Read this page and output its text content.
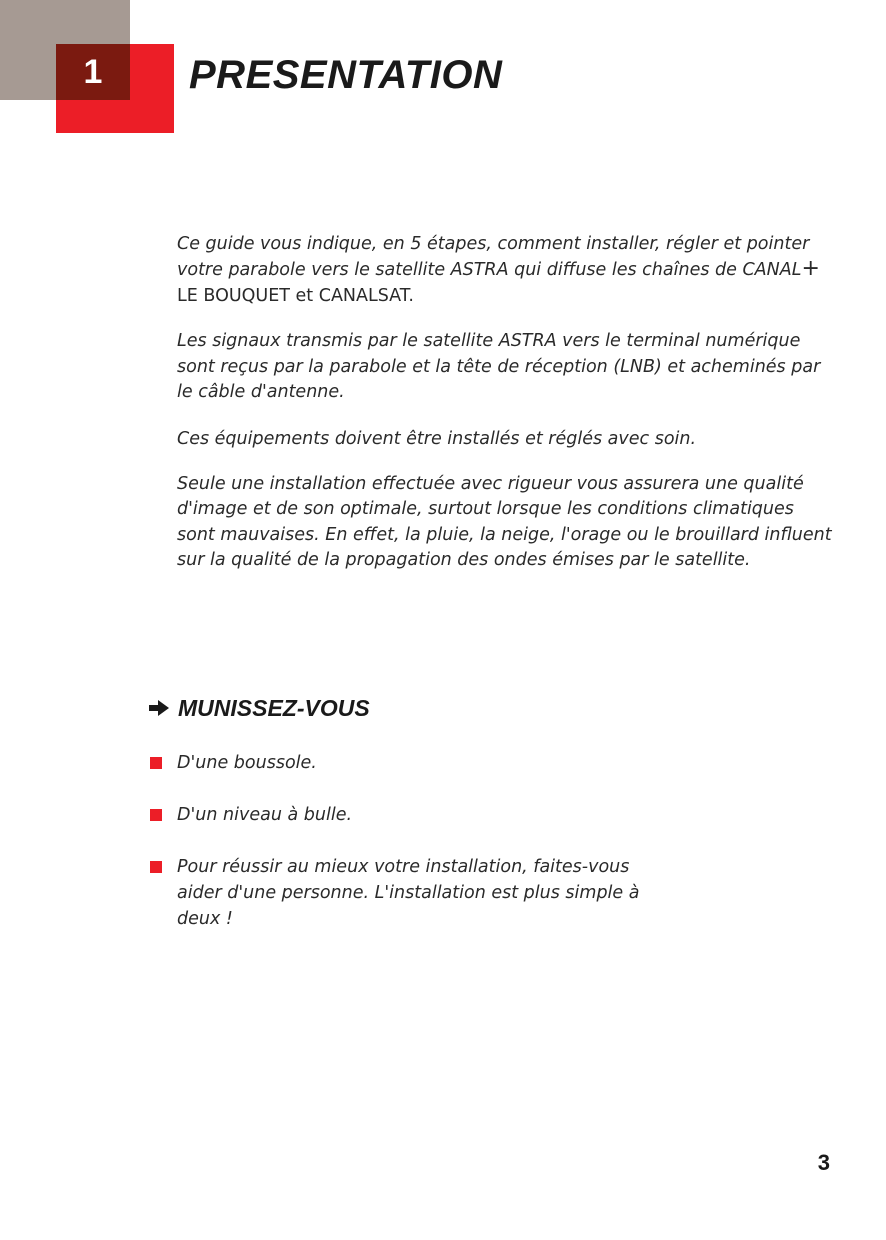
1	PRESENTATION

Ce guide vous indique, en 5 étapes, comment installer, régler et pointer votre parabole vers le satellite ASTRA qui diffuse les chaînes de CANAL+
LE BOUQUET et CANALSAT.

Les signaux transmis par le satellite ASTRA vers le terminal numérique sont reçus par la parabole et la tête de réception (LNB) et acheminés par le câble d'antenne.

Ces équipements doivent être installés et réglés avec soin.

Seule une installation effectuée avec rigueur vous assurera une qualité d'image et de son optimale, surtout lorsque les conditions climatiques sont mauvaises. En effet, la pluie, la neige, l'orage ou le brouillard influent sur la qualité de la propagation des ondes émises par le satellite.

MUNISSEZ-VOUS
D'une boussole.
D'un niveau à bulle.
Pour réussir au mieux votre installation, faites-vous aider d'une personne. L'installation est plus simple à deux !
3
